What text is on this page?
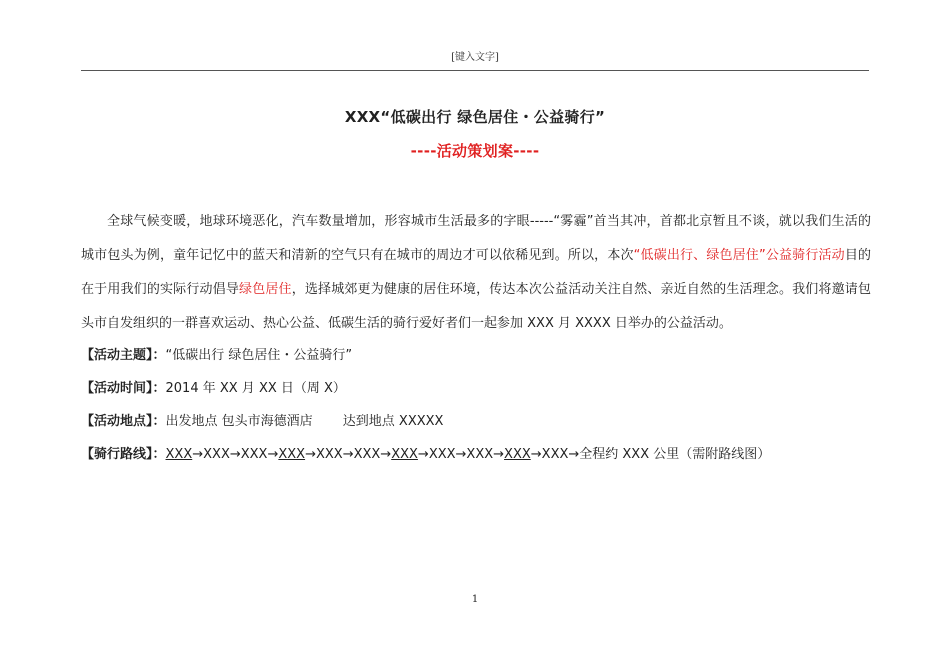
[键入文字]
XXX“低碳出行 绿色居住・公益骑行”
----活动策划案----
全球气候变暖，地球环境恶化，汽车数量增加，形容城市生活最多的字眼-----“雾霾”首当其冲，首都北京暂且不谈，就以我们生活的城市包头为例，童年记忆中的蓝天和清新的空气只有在城市的周边才可以依稀见到。所以，本次“低碳出行、绿色居住”公益骑行活动目的在于用我们的实际行动倡导绿色居住，选择城郊更为健康的居住环境，传达本次公益活动关注自然、亲近自然的生活理念。我们将邀请包头市自发组织的一群喜欢运动、热心公益、低碳生活的骑行爱好者们一起参加 XXX 月 XXXX 日举办的公益活动。
【活动主题】：“低碳出行 绿色居住・公益骑行”
【活动时间】：2014 年 XX 月 XX 日（周 X）
【活动地点】：出发地点 包头市海德酒店　　 达到地点 XXXXX
【骑行路线】：XXX→XXX→XXX→XXX→XXX→XXX→XXX→XXX→XXX→XXX→XXX→全程约 XXX 公里（需附路线图）
1
